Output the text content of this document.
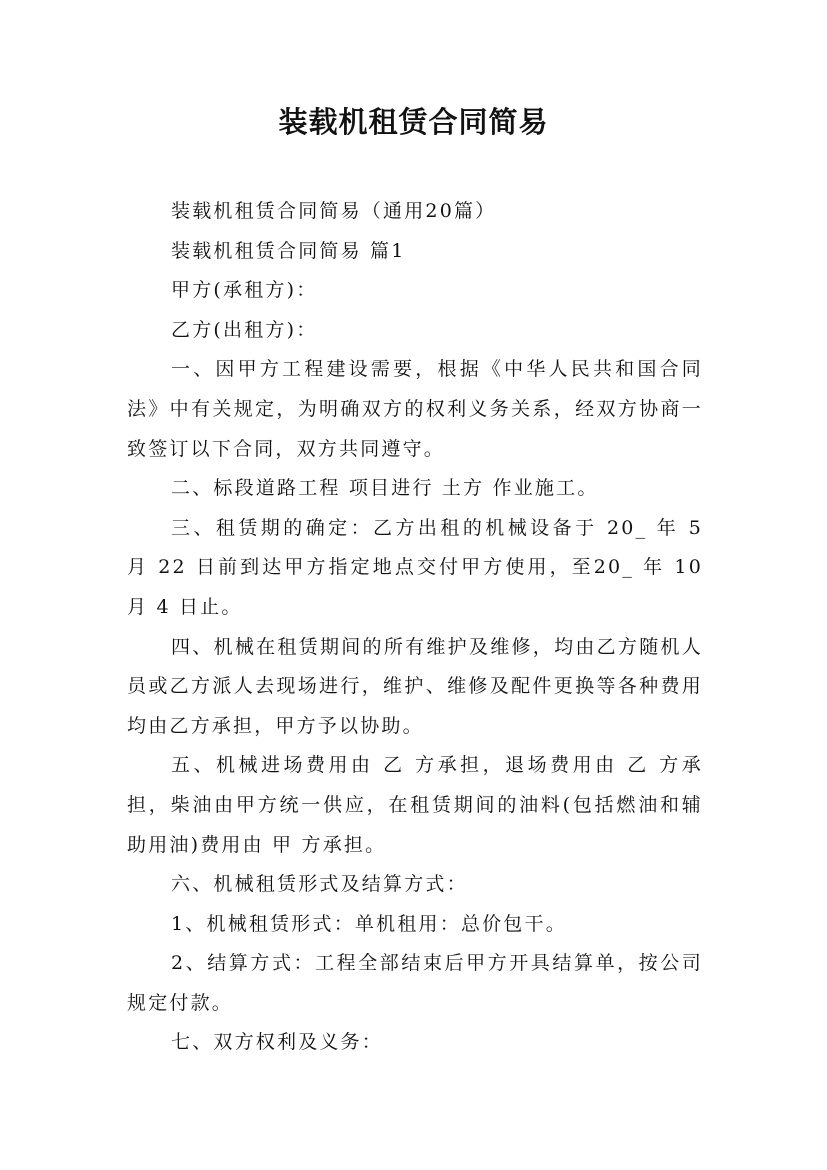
装载机租赁合同简易

装载机租赁合同简易（通用20篇）

装载机租赁合同简易 篇1

甲方(承租方)：

乙方(出租方)：

一、因甲方工程建设需要，根据《中华人民共和国合同法》中有关规定，为明确双方的权利义务关系，经双方协商一致签订以下合同，双方共同遵守。

二、标段道路工程 项目进行 土方 作业施工。

三、租赁期的确定：乙方出租的机械设备于 20_ 年 5 月 22 日前到达甲方指定地点交付甲方使用，至20_ 年 10 月 4 日止。

四、机械在租赁期间的所有维护及维修，均由乙方随机人员或乙方派人去现场进行，维护、维修及配件更换等各种费用均由乙方承担，甲方予以协助。

五、机械进场费用由 乙 方承担，退场费用由 乙 方承担，柴油由甲方统一供应，在租赁期间的油料(包括燃油和辅助用油)费用由 甲 方承担。

六、机械租赁形式及结算方式：

1、机械租赁形式：单机租用：总价包干。

2、结算方式：工程全部结束后甲方开具结算单，按公司规定付款。

七、双方权利及义务：
